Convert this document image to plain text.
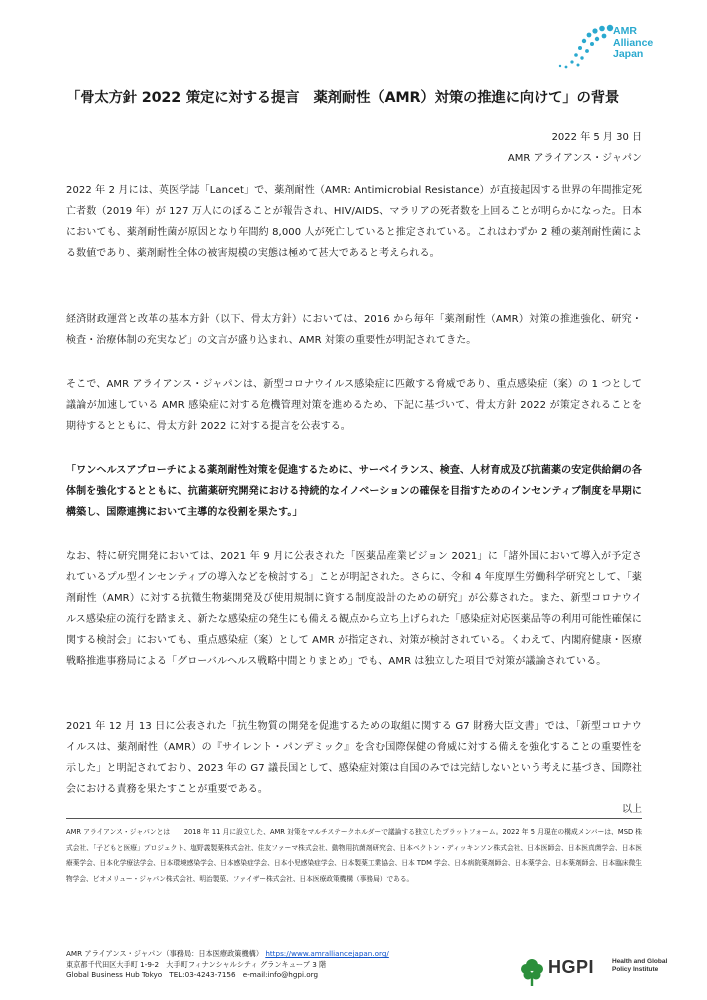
AMR
Alliance
Japan
「骨太方針 2022 策定に対する提言　薬剤耐性（AMR）対策の推進に向けて」の背景
2022 年 5 月 30 日
AMR アライアンス・ジャパン

2022 年 2 月には、英医学誌「Lancet」で、薬剤耐性（AMR: Antimicrobial Resistance）が直接起因する世界の年間推定死亡者数（2019 年）が 127 万人にのぼることが報告され、HIV/AIDS、マラリアの死者数を上回ることが明らかになった。日本においても、薬剤耐性菌が原因となり年間約 8,000 人が死亡していると推定されている。これはわずか 2 種の薬剤耐性菌による数値であり、薬剤耐性全体の被害規模の実態は極めて甚大であると考えられる。

経済財政運営と改革の基本方針（以下、骨太方針）においては、2016 から毎年「薬剤耐性（AMR）対策の推進強化、研究・検査・治療体制の充実など」の文言が盛り込まれ、AMR 対策の重要性が明記されてきた。

そこで、AMR アライアンス・ジャパンは、新型コロナウイルス感染症に匹敵する脅威であり、重点感染症（案）の 1 つとして議論が加速している AMR 感染症に対する危機管理対策を進めるため、下記に基づいて、骨太方針 2022 が策定されることを期待するとともに、骨太方針 2022 に対する提言を公表する。

「ワンヘルスアプローチによる薬剤耐性対策を促進するために、サーベイランス、検査、人材育成及び抗菌薬の安定供給網の各体制を強化するとともに、抗菌薬研究開発における持続的なイノベーションの確保を目指すためのインセンティブ制度を早期に構築し、国際連携において主導的な役割を果たす。」

なお、特に研究開発においては、2021 年 9 月に公表された「医薬品産業ビジョン 2021」に「諸外国において導入が予定されているプル型インセンティブの導入などを検討する」ことが明記された。さらに、令和 4 年度厚生労働科学研究として、「薬剤耐性（AMR）に対する抗微生物薬開発及び使用規制に資する制度設計のための研究」が公募された。また、新型コロナウイルス感染症の流行を踏まえ、新たな感染症の発生にも備える観点から立ち上げられた「感染症対応医薬品等の利用可能性確保に関する検討会」においても、重点感染症（案）として AMR が指定され、対策が検討されている。くわえて、内閣府健康・医療戦略推進事務局による「グローバルヘルス戦略中間とりまとめ」でも、AMR は独立した項目で対策が議論されている。

2021 年 12 月 13 日に公表された「抗生物質の開発を促進するための取組に関する G7 財務大臣文書」では、「新型コロナウイルスは、薬剤耐性（AMR）の『サイレント・パンデミック』を含む国際保健の脅威に対する備えを強化することの重要性を示した」と明記されており、2023 年の G7 議長国として、感染症対策は自国のみでは完結しないという考えに基づき、国際社会における責務を果たすことが重要である。

以上

AMR アライアンス・ジャパンとは　　2018 年 11 月に設立した、AMR 対策をマルチステークホルダーで議論する独立したプラットフォーム。2022 年 5 月現在の構成メンバーは、MSD 株式会社、「子どもと医療」プロジェクト、塩野義製薬株式会社、住友ファーマ株式会社、動物用抗菌剤研究会、日本ベクトン・ディッキンソン株式会社、日本医師会、日本医真菌学会、日本医療薬学会、日本化学療法学会、日本環境感染学会、日本感染症学会、日本小児感染症学会、日本製薬工業協会、日本 TDM 学会、日本病院薬剤師会、日本薬学会、日本薬剤師会、日本臨床微生物学会、ビオメリュー・ジャパン株式会社、明治製菓、ファイザー株式会社、日本医療政策機構（事務局）である。

AMR アライアンス・ジャパン（事務局：日本医療政策機構） https://www.amralliancejapan.org/
東京都千代田区大手町 1-9-2　大手町フィナンシャルシティ グランキューブ 3 階
Global Business Hub Tokyo　TEL:03-4243-7156　e-mail:info@hgpi.org	HGPI	Health and Global
Policy Institute
